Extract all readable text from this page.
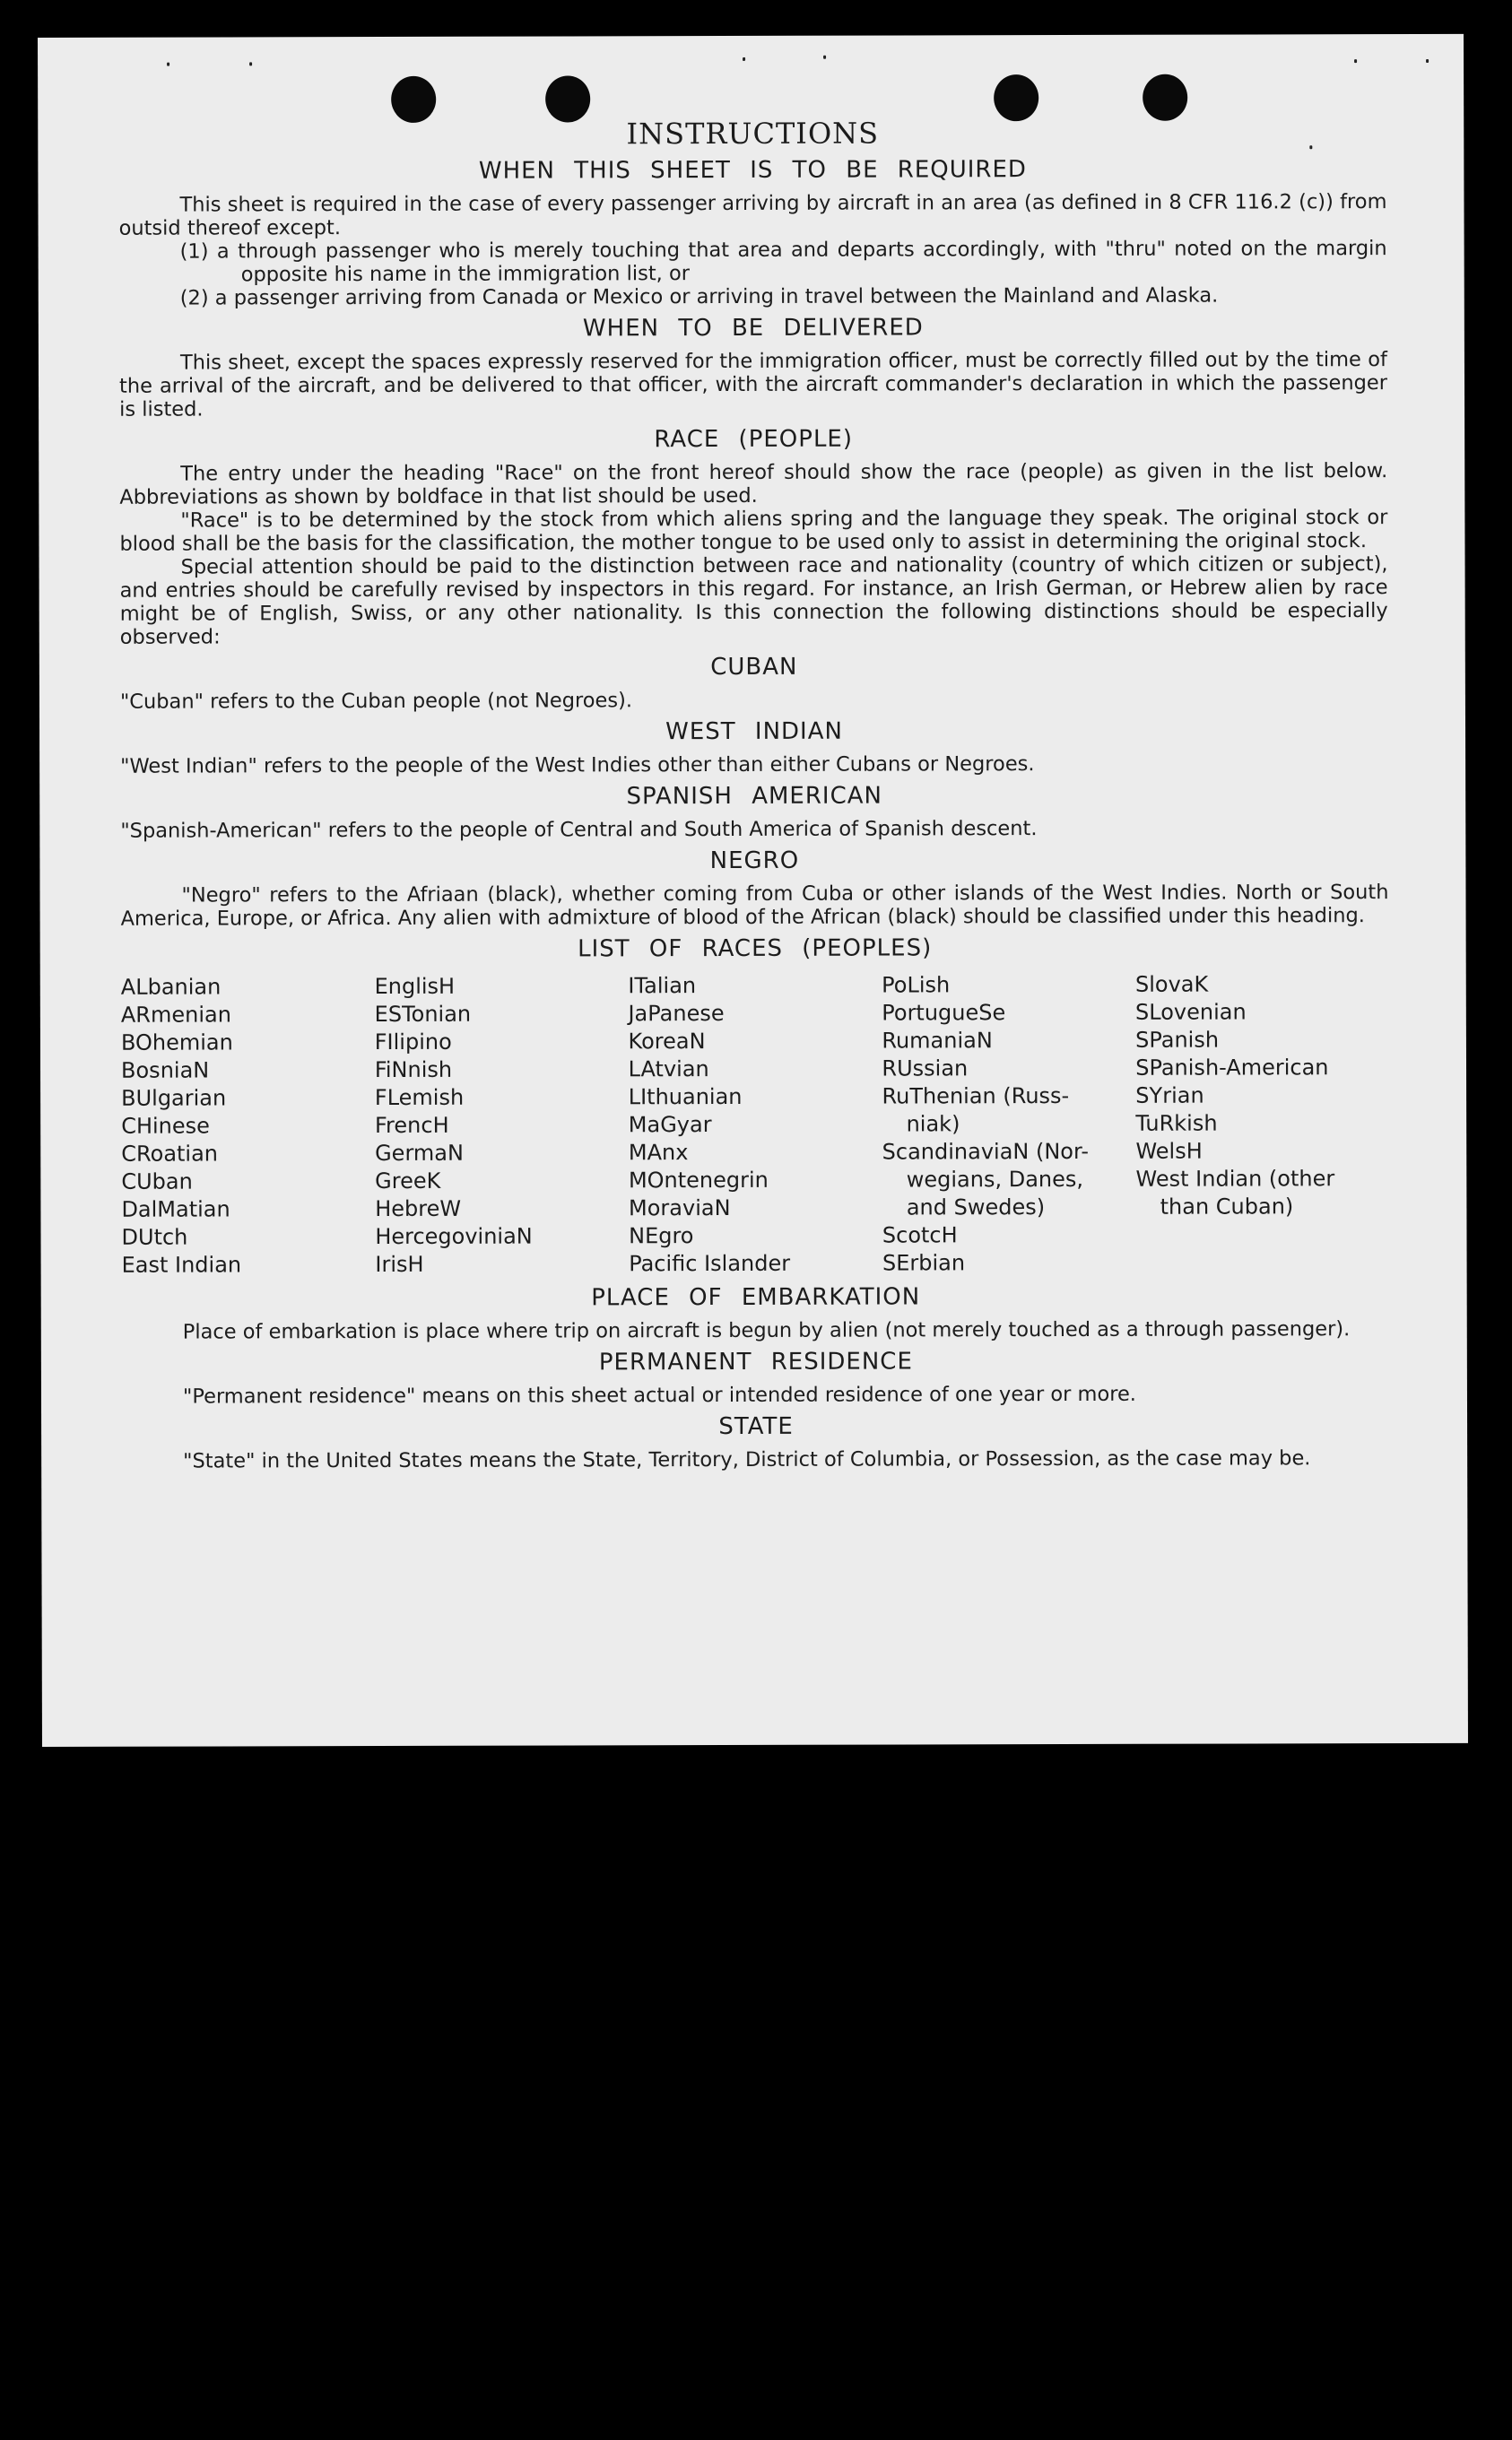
INSTRUCTIONS
WHEN THIS SHEET IS TO BE REQUIRED

This sheet is required in the case of every passenger arriving by aircraft in an area (as defined in 8 CFR 116.2 (c)) from outsid thereof except.

(1) a through passenger who is merely touching that area and departs accordingly, with "thru" noted on the margin opposite his name in the immigration list, or

(2) a passenger arriving from Canada or Mexico or arriving in travel between the Mainland and Alaska.

WHEN TO BE DELIVERED

This sheet, except the spaces expressly reserved for the immigration officer, must be correctly filled out by the time of the arrival of the aircraft, and be delivered to that officer, with the aircraft commander's declaration in which the passenger is listed.

RACE (PEOPLE)

The entry under the heading "Race" on the front hereof should show the race (people) as given in the list below. Abbreviations as shown by boldface in that list should be used.

"Race" is to be determined by the stock from which aliens spring and the language they speak. The original stock or blood shall be the basis for the classification, the mother tongue to be used only to assist in determining the original stock.

Special attention should be paid to the distinction between race and nationality (country of which citizen or subject), and entries should be carefully revised by inspectors in this regard. For instance, an Irish German, or Hebrew alien by race might be of English, Swiss, or any other nationality. Is this connection the following distinctions should be especially observed:

CUBAN

"Cuban" refers to the Cuban people (not Negroes).

WEST INDIAN

"West Indian" refers to the people of the West Indies other than either Cubans or Negroes.

SPANISH AMERICAN

"Spanish-American" refers to the people of Central and South America of Spanish descent.

NEGRO

"Negro" refers to the Afriaan (black), whether coming from Cuba or other islands of the West Indies. North or South America, Europe, or Africa. Any alien with admixture of blood of the African (black) should be classified under this heading.

LIST OF RACES (PEOPLES)
ALbanian
ARmenian
BOhemian
BosniaN
BUlgarian
CHinese
CRoatian
CUban
DalMatian
DUtch
East Indian
EnglisH
ESTonian
FIlipino
FiNnish
FLemish
FrencH
GermaN
GreeK
HebreW
HercegoviniaN
IrisH
ITalian
JaPanese
KoreaN
LAtvian
LIthuanian
MaGyar
MAnx
MOntenegrin
MoraviaN
NEgro
Pacific Islander
PoLish
PortugueSe
RumaniaN
RUssian
RuThenian (Russ-
niak)
ScandinaviaN (Nor-
wegians, Danes,
and Swedes)
ScotcH
SErbian
SlovaK
SLovenian
SPanish
SPanish-American
SYrian
TuRkish
WelsH
West Indian (other
than Cuban)
PLACE OF EMBARKATION

Place of embarkation is place where trip on aircraft is begun by alien (not merely touched as a through passenger).

PERMANENT RESIDENCE

"Permanent residence" means on this sheet actual or intended residence of one year or more.

STATE

"State" in the United States means the State, Territory, District of Columbia, or Possession, as the case may be.
